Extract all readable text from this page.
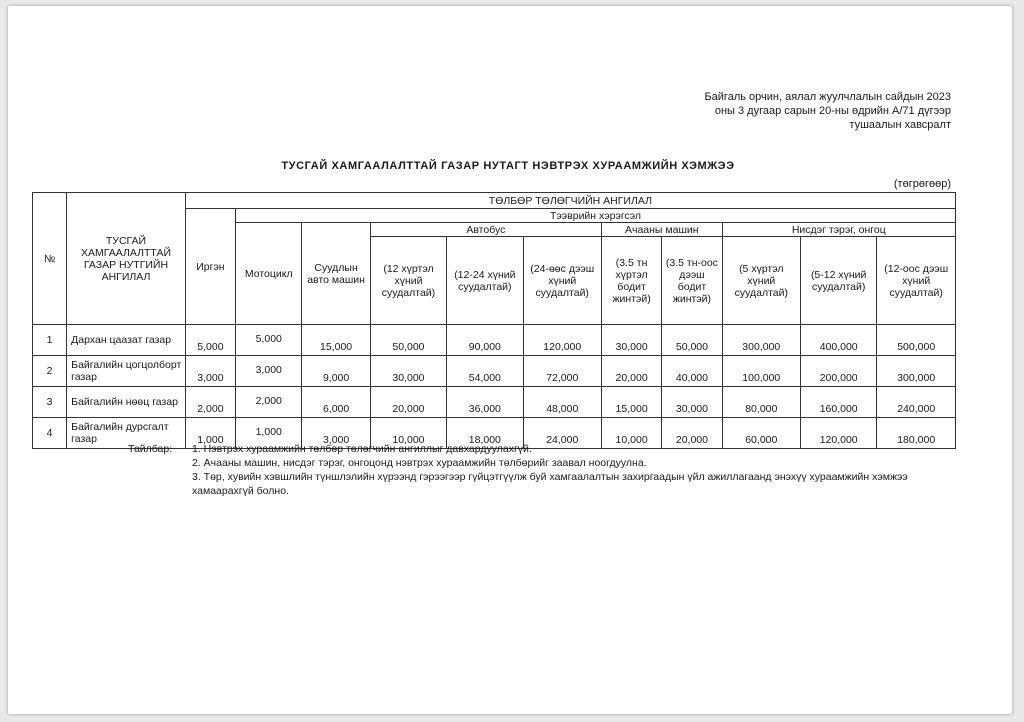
Байгаль орчин, аялал жуулчлалын сайдын 2023
оны 3 дугаар сарын 20-ны өдрийн А/71 дүгээр
тушаалын хавсралт
ТУСГАЙ ХАМГААЛАЛТТАЙ ГАЗАР НУТАГТ НЭВТРЭХ ХУРААМЖИЙН ХЭМЖЭЭ
(төгрөгөөр)
№	ТУСГАЙ ХАМГААЛАЛТТАЙ ГАЗАР НУТГИЙН АНГИЛАЛ	ТӨЛБӨР ТӨЛӨГЧИЙН АНГИЛАЛ										
		Иргэн	Тээврийн хэрэгсэл									
			Мотоцикл	Суудлын авто машин	Автобус			Ачааны машин		Нисдэг тэрэг, онгоц		
					(12 хүртэл хүний суудалтай)	(12-24 хүний суудалтай)	(24-өөс дээш хүний суудалтай)	(3.5 тн хүртэл бодит жинтэй)	(3.5 тн-оос дээш бодит жинтэй)	(5 хүртэл хүний суудалтай)	(5-12 хүний суудалтай)	(12-оос дээш хүний суудалтай)
1	Дархан цаазат газар	5,000	5,000	15,000	50,000	90,000	120,000	30,000	50,000	300,000	400,000	500,000
2	Байгалийн цогцолборт газар	3,000	3,000	9,000	30,000	54,000	72,000	20,000	40,000	100,000	200,000	300,000
3	Байгалийн нөөц газар	2,000	2,000	6,000	20,000	36,000	48,000	15,000	30,000	80,000	160,000	240,000
4	Байгалийн дурсгалт газар	1,000	1,000	3,000	10,000	18,000	24,000	10,000	20,000	60,000	120,000	180,000
Тайлбар:	1. Нэвтрэх хураамжийн төлбөр төлөгчийн ангиллыг давхардуулахгүй.
2. Ачааны машин, нисдэг тэрэг, онгоцонд нэвтрэх хураамжийн төлбөрийг заавал ноогдуулна.
3. Төр, хувийн хэвшлийн түншлэлийн хүрээнд гэрээгээр гүйцэтгүүлж буй хамгаалалтын захиргаадын үйл ажиллагаанд энэхүү хураамжийн хэмжээ хамаарахгүй болно.
